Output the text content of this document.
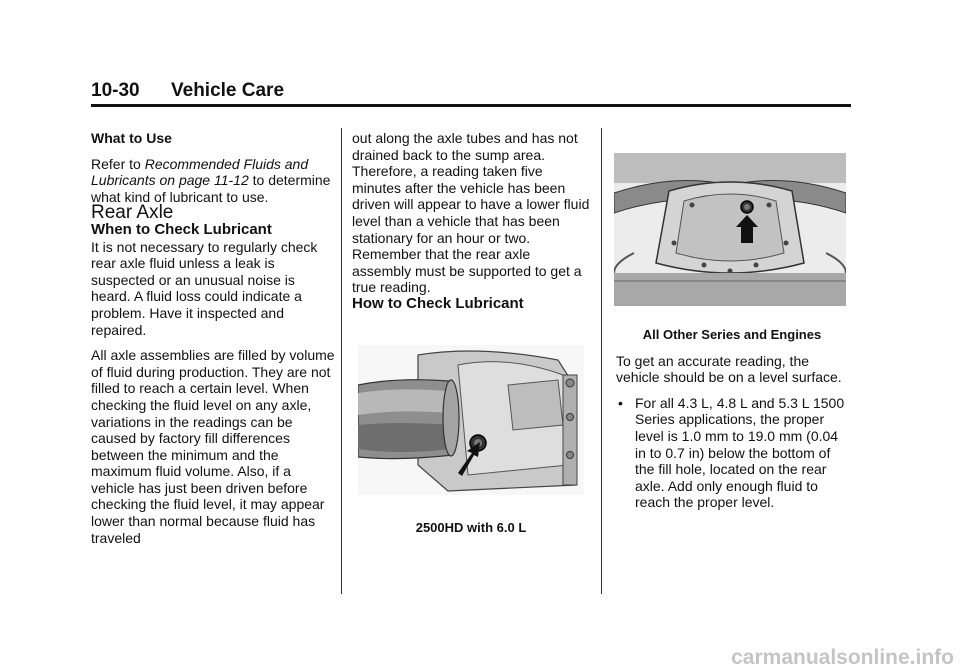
10-30 Vehicle Care

What to Use

Refer to Recommended Fluids and Lubricants on page 11-12 to determine what kind of lubricant to use.

Rear Axle

When to Check Lubricant

It is not necessary to regularly check rear axle fluid unless a leak is suspected or an unusual noise is heard. A fluid loss could indicate a problem. Have it inspected and repaired.

All axle assemblies are filled by volume of fluid during production. They are not filled to reach a certain level. When checking the fluid level on any axle, variations in the readings can be caused by factory fill differences between the minimum and the maximum fluid volume. Also, if a vehicle has just been driven before checking the fluid level, it may appear lower than normal because fluid has traveled

out along the axle tubes and has not drained back to the sump area. Therefore, a reading taken five minutes after the vehicle has been driven will appear to have a lower fluid level than a vehicle that has been stationary for an hour or two. Remember that the rear axle assembly must be supported to get a true reading.

How to Check Lubricant

2500HD with 6.0 L

All Other Series and Engines

To get an accurate reading, the vehicle should be on a level surface.

• For all 4.3 L, 4.8 L and 5.3 L 1500 Series applications, the proper level is 1.0 mm to 19.0 mm (0.04 in to 0.7 in) below the bottom of the fill hole, located on the rear axle. Add only enough fluid to reach the proper level.
carmanualsonline.info
